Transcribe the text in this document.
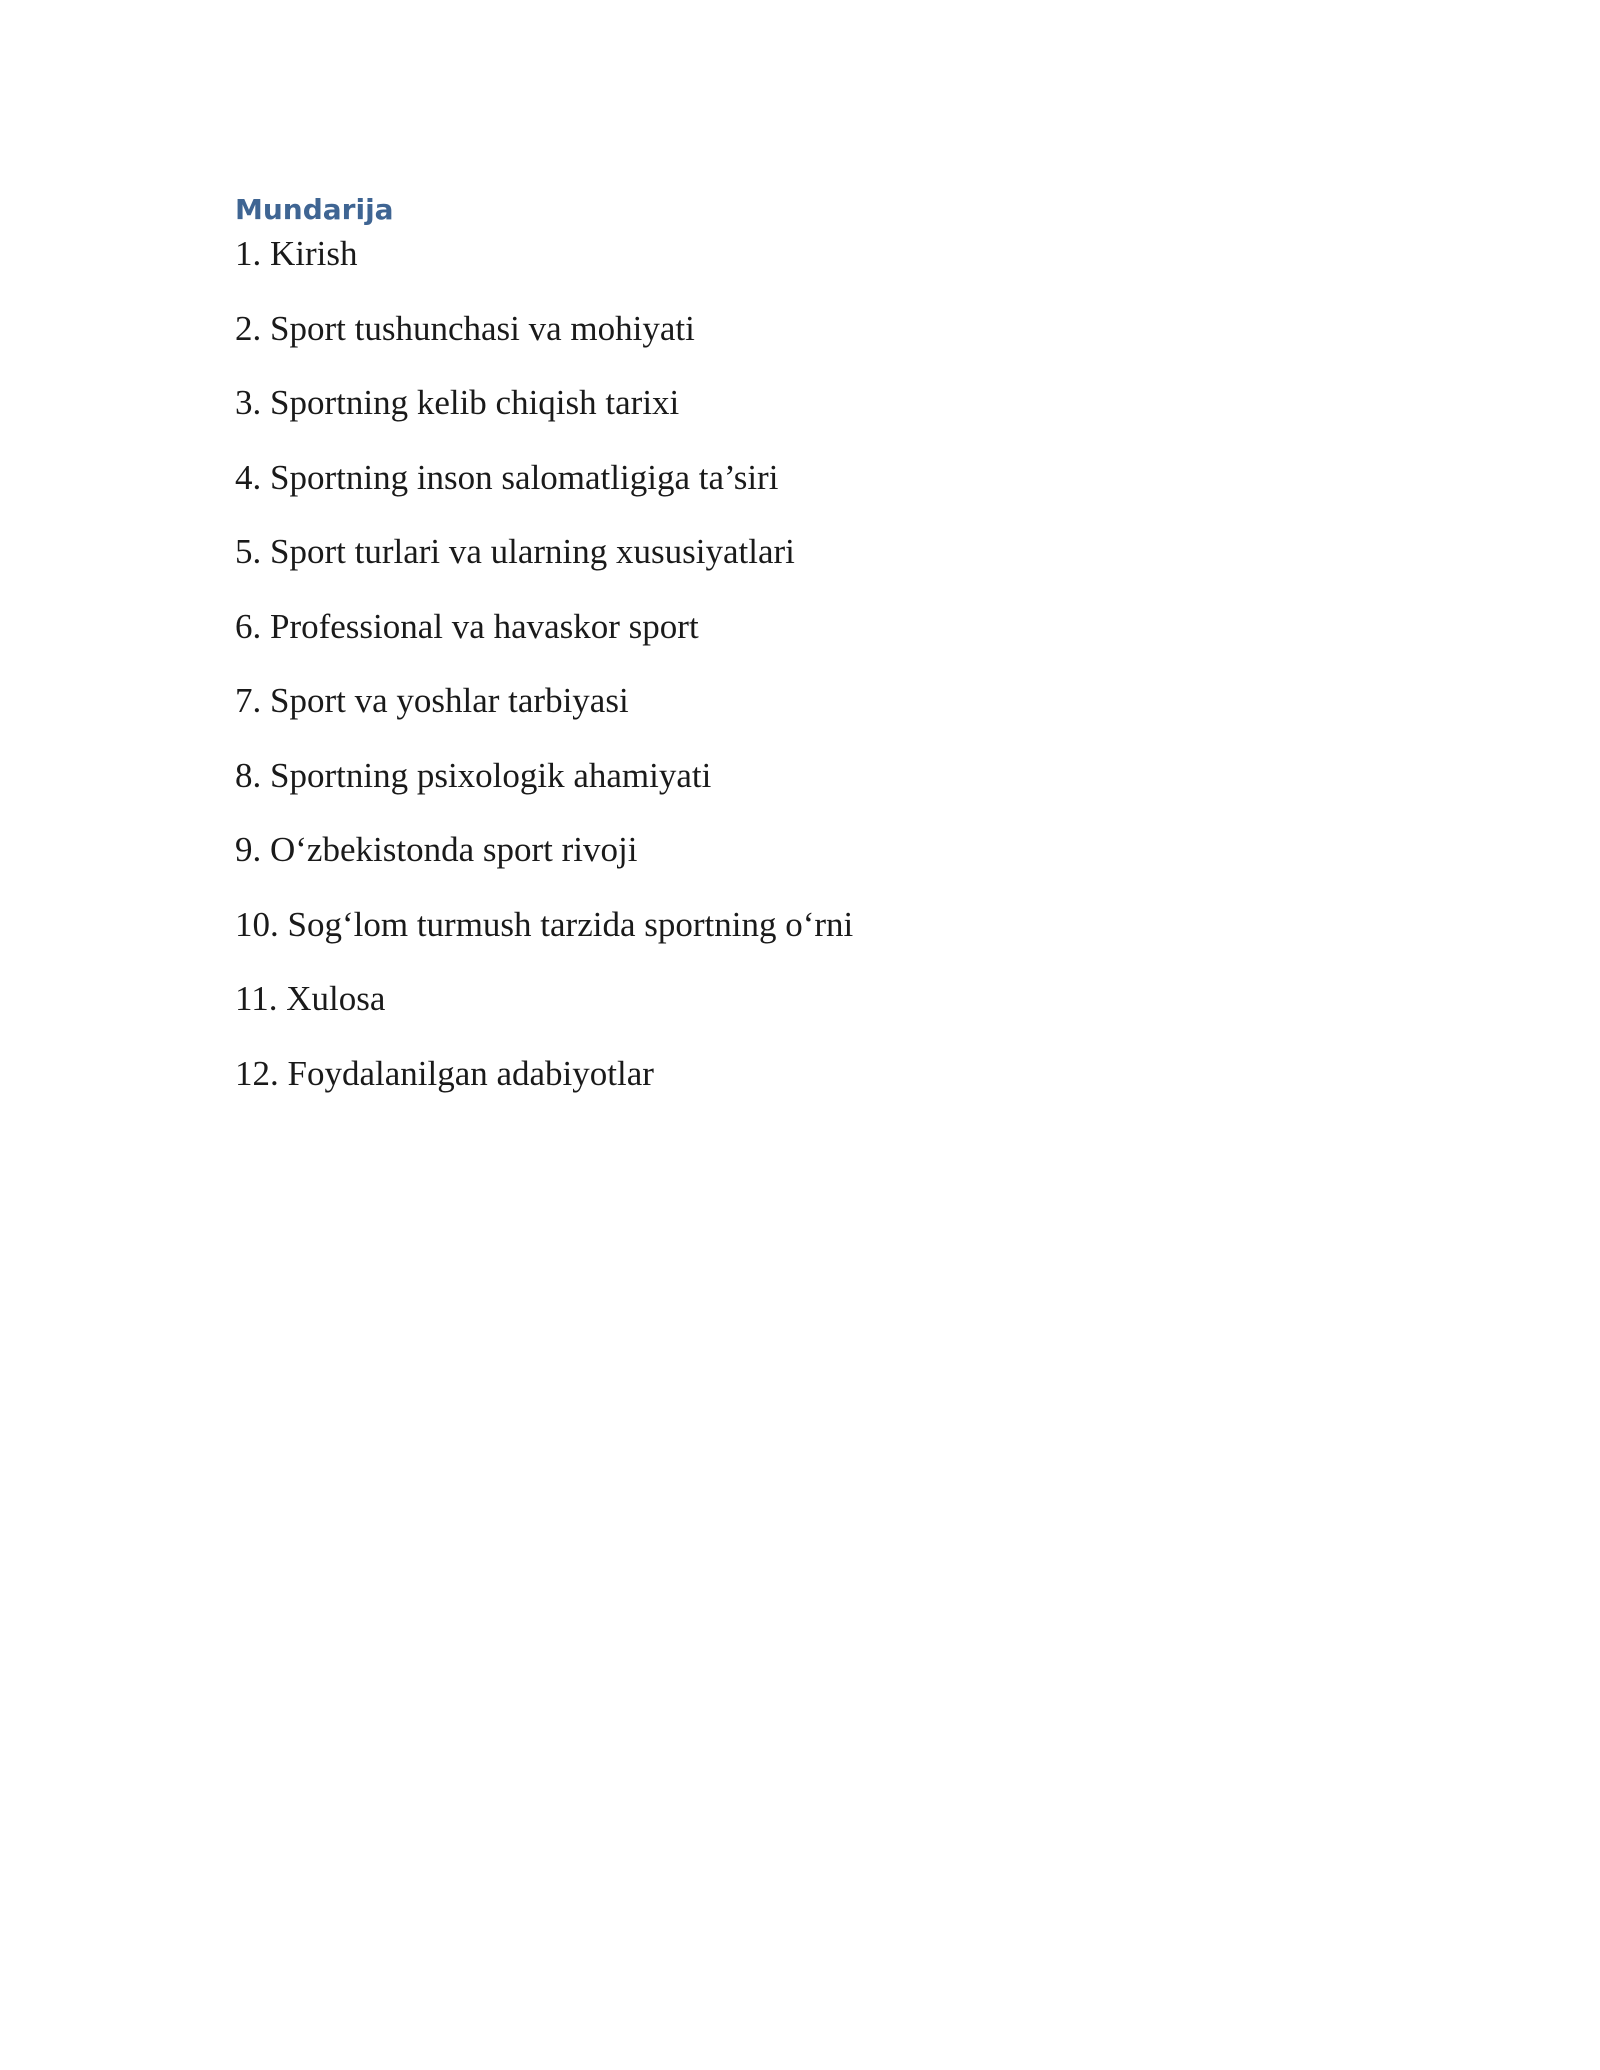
Mundarija
1. Kirish
2. Sport tushunchasi va mohiyati
3. Sportning kelib chiqish tarixi
4. Sportning inson salomatligiga ta’siri
5. Sport turlari va ularning xususiyatlari
6. Professional va havaskor sport
7. Sport va yoshlar tarbiyasi
8. Sportning psixologik ahamiyati
9. O‘zbekistonda sport rivoji
10. Sog‘lom turmush tarzida sportning o‘rni
11. Xulosa
12. Foydalanilgan adabiyotlar
